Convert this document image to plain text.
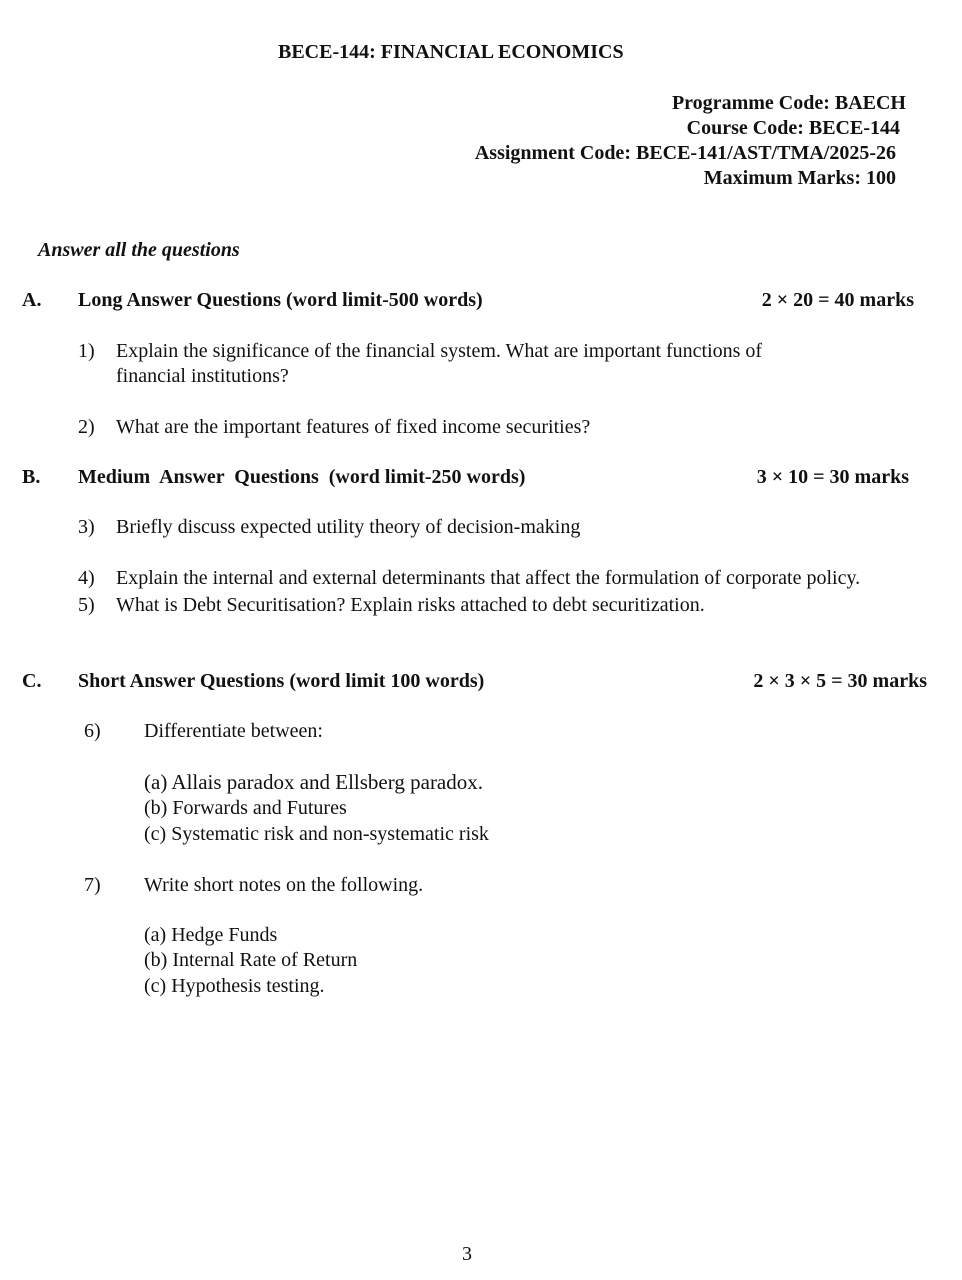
BECE-144: FINANCIAL ECONOMICS
Programme Code: BAECH
Course Code: BECE-144
Assignment Code: BECE-141/AST/TMA/2025-26
Maximum Marks: 100
Answer all the questions
A. Long Answer Questions (word limit-500 words)	2 × 20 = 40 marks
1) Explain the significance of the financial system. What are important functions of
financial institutions?
2) What are the important features of fixed income securities?
B. Medium  Answer  Questions  (word limit-250 words)	3 × 10 = 30 marks
3) Briefly discuss expected utility theory of decision-making
4) Explain the internal and external determinants that affect the formulation of corporate policy.
5) What is Debt Securitisation? Explain risks attached to debt securitization.
C. Short Answer Questions (word limit 100 words)	2 × 3 × 5 = 30 marks
6) Differentiate between:
(a) Allais paradox and Ellsberg paradox.
(b) Forwards and Futures
(c) Systematic risk and non-systematic risk
7) Write short notes on the following.
(a) Hedge Funds
(b) Internal Rate of Return
(c) Hypothesis testing.
3
